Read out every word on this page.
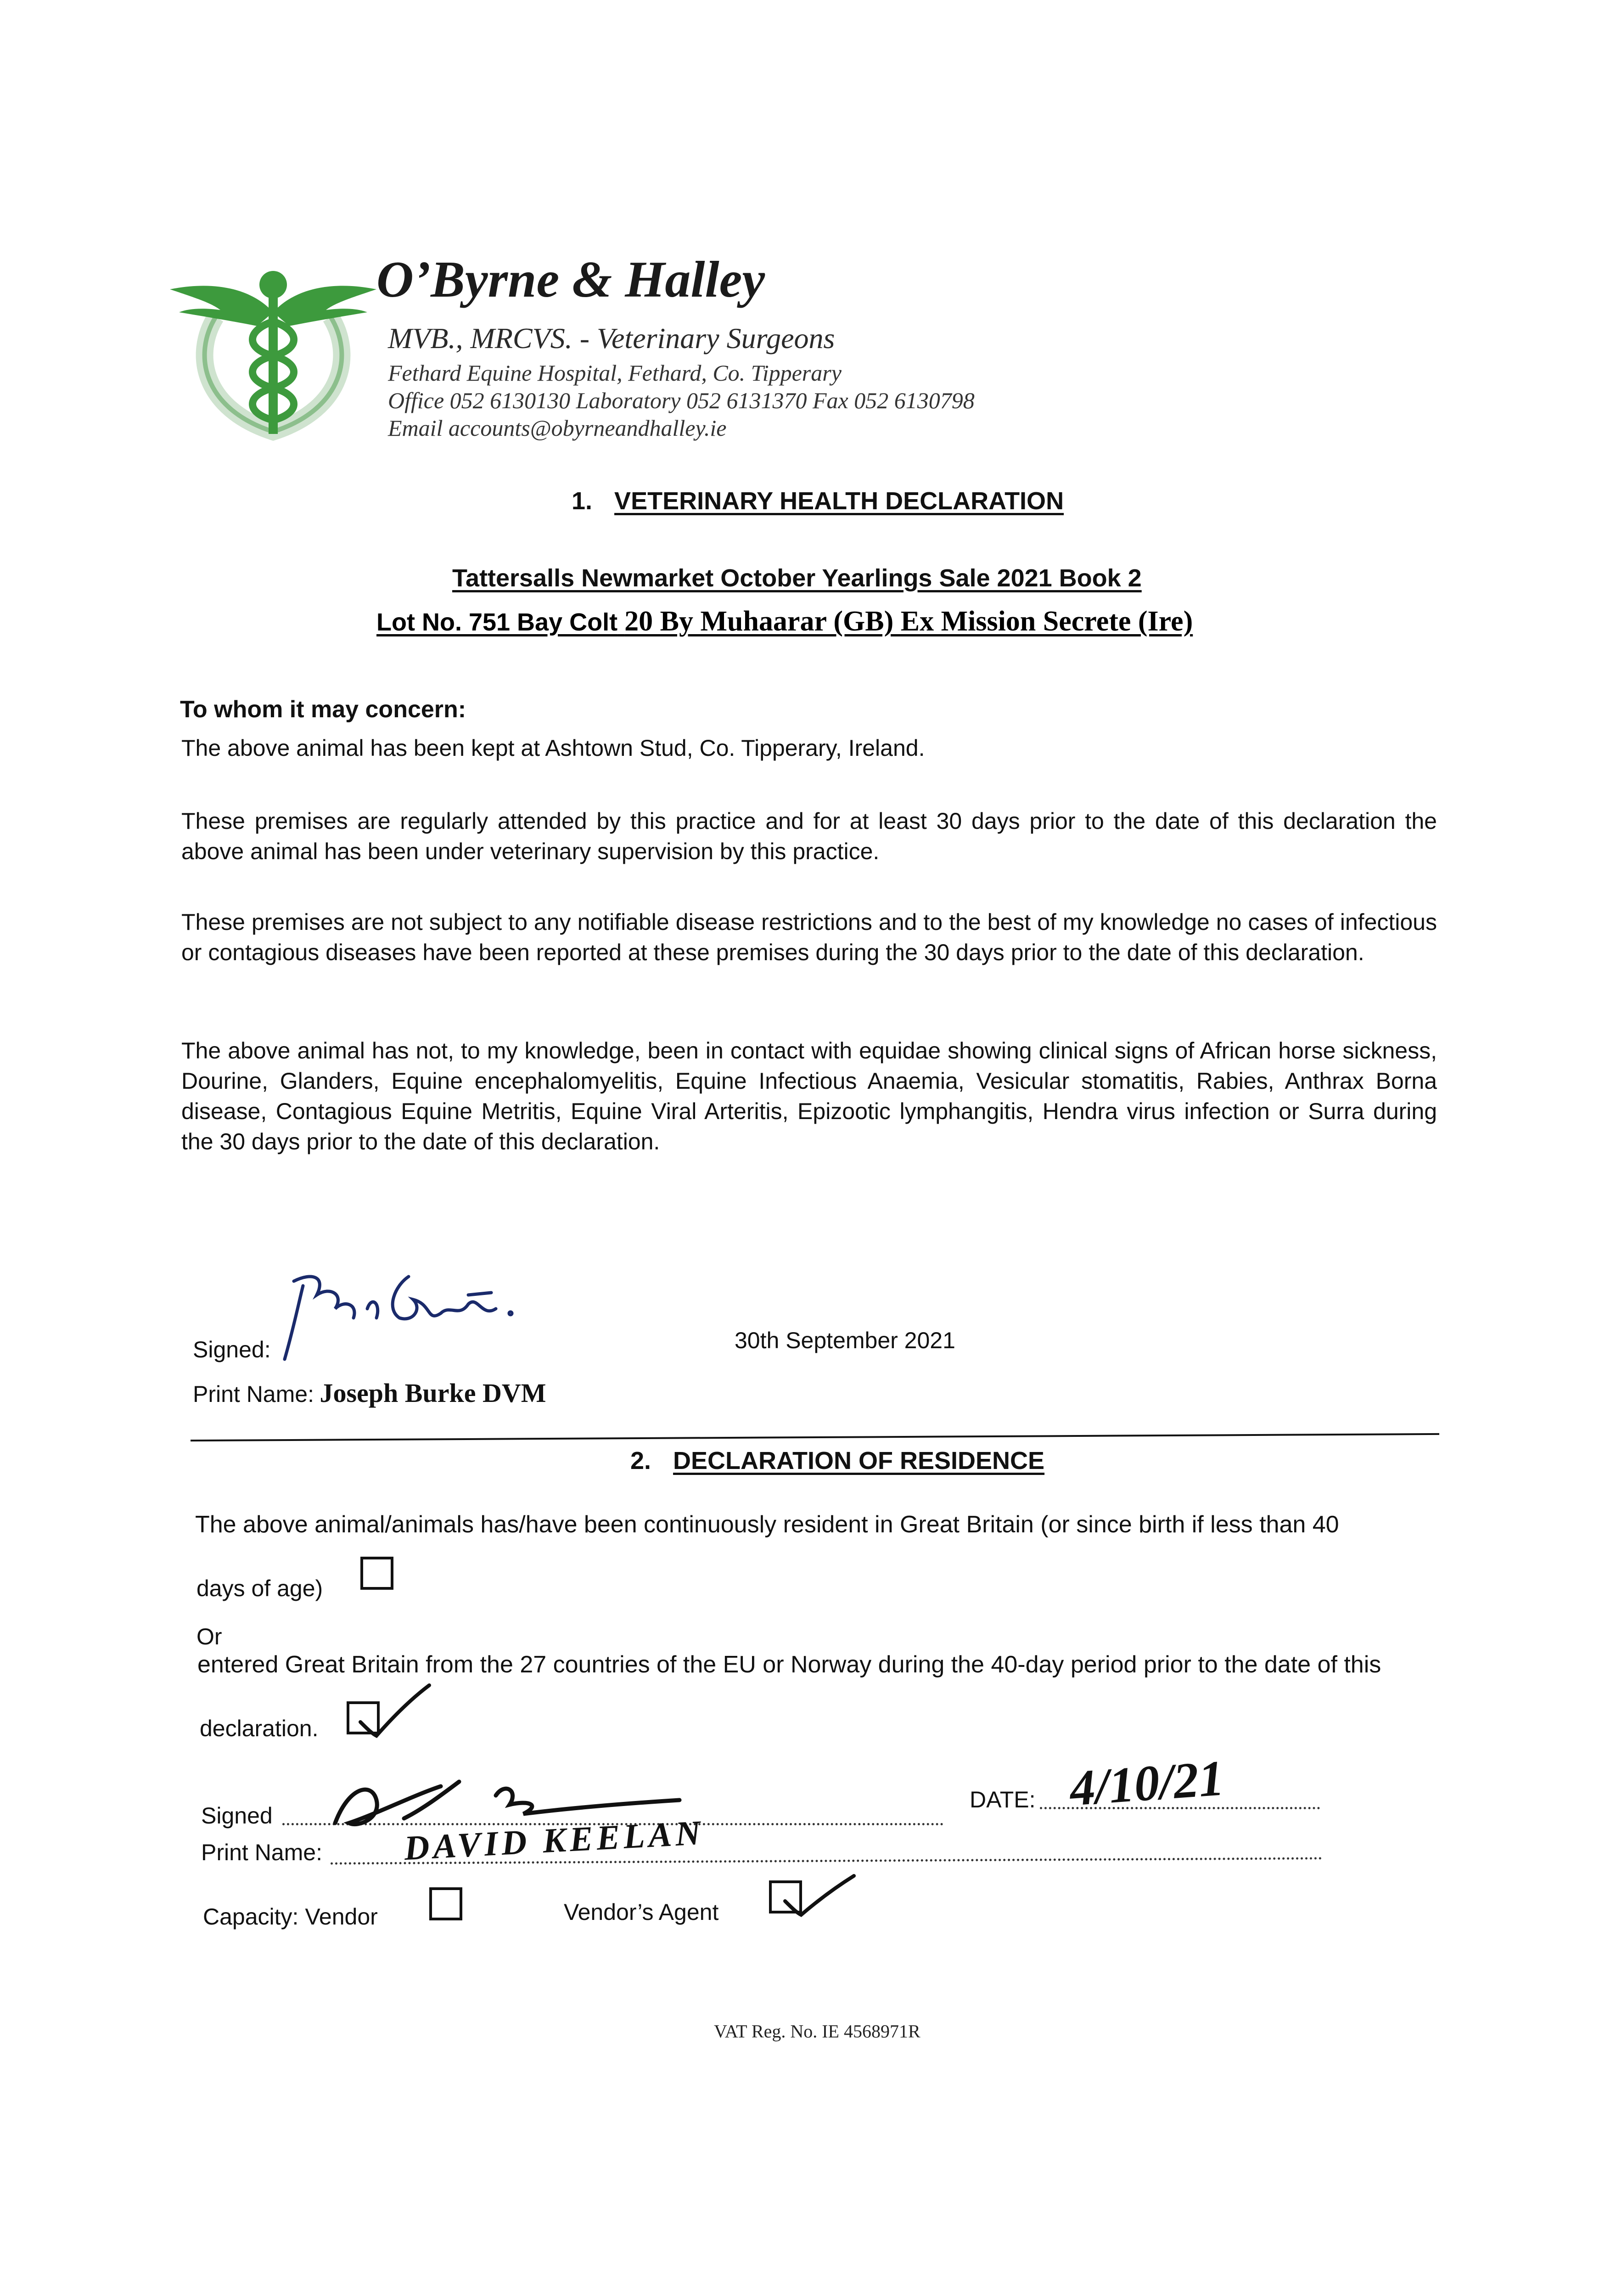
O’Byrne & Halley
MVB., MRCVS. - Veterinary Surgeons
Fethard Equine Hospital, Fethard, Co. Tipperary
Office 052 6130130 Laboratory 052 6131370 Fax 052 6130798
Email accounts@obyrneandhalley.ie
1. VETERINARY HEALTH DECLARATION
Tattersalls Newmarket October Yearlings Sale 2021 Book 2
Lot No. 751 Bay Colt 20 By Muhaarar (GB) Ex Mission Secrete (Ire)
To whom it may concern:
The above animal has been kept at Ashtown Stud, Co. Tipperary, Ireland.
These premises are regularly attended by this practice and for at least 30 days prior to the date of this declaration the above animal has been under veterinary supervision by this practice.
These premises are not subject to any notifiable disease restrictions and to the best of my knowledge no cases of infectious or contagious diseases have been reported at these premises during the 30 days prior to the date of this declaration.
The above animal has not, to my knowledge, been in contact with equidae showing clinical signs of African horse sickness, Dourine, Glanders, Equine encephalomyelitis, Equine Infectious Anaemia, Vesicular stomatitis, Rabies, Anthrax Borna disease, Contagious Equine Metritis, Equine Viral Arteritis, Epizootic lymphangitis, Hendra virus infection or Surra during the 30 days prior to the date of this declaration.
Signed:	30th September 2021
Print Name: Joseph Burke DVM
2. DECLARATION OF RESIDENCE
The above animal/animals has/have been continuously resident in Great Britain (or since birth if less than 40
days of age)
Or
entered Great Britain from the 27 countries of the EU or Norway during the 40-day period prior to the date of this
declaration.
Signed
DATE: 4/10/21
Print Name: DAVID KEELAN
Capacity: Vendor	Vendor’s Agent
VAT Reg. No. IE 4568971R
